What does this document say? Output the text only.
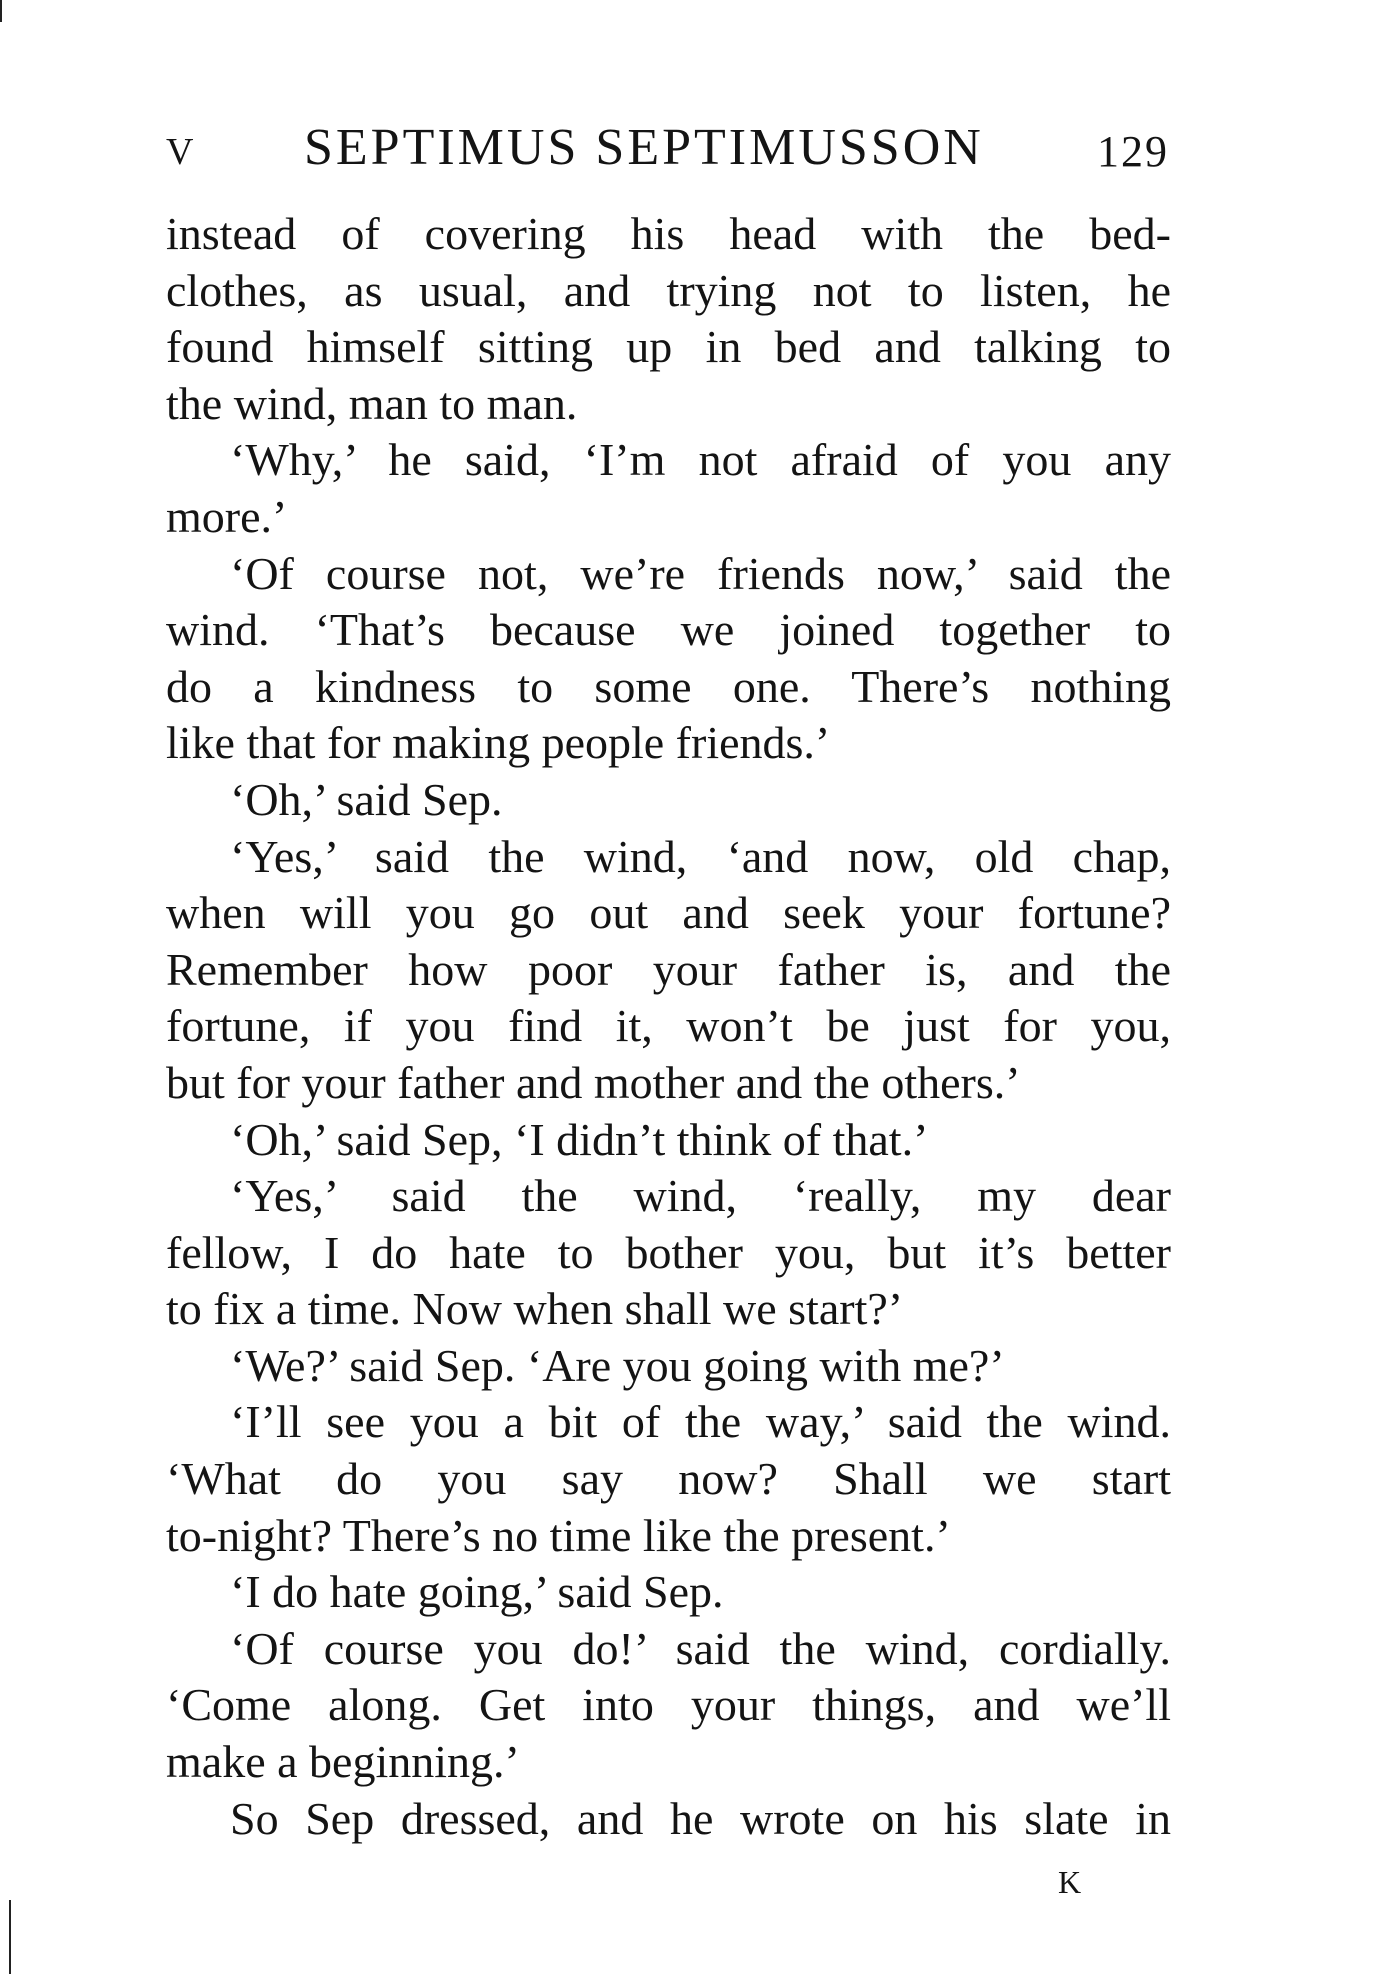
V SEPTIMUS SEPTIMUSSON	129
instead of covering his head with the bed-
clothes, as usual, and trying not to listen, he
found himself sitting up in bed and talking to
the wind, man to man.
‘Why,’ he said, ‘I’m not afraid of you any
more.’
‘Of course not, we’re friends now,’ said the
wind. ‘That’s because we joined together to
do a kindness to some one. There’s nothing
like that for making people friends.’
‘Oh,’ said Sep.
‘Yes,’ said the wind, ‘and now, old chap,
when will you go out and seek your fortune?
Remember how poor your father is, and the
fortune, if you find it, won’t be just for you,
but for your father and mother and the others.’
‘Oh,’ said Sep, ‘I didn’t think of that.’
‘Yes,’ said the wind, ‘really, my dear
fellow, I do hate to bother you, but it’s better
to fix a time. Now when shall we start?’
‘We?’ said Sep. ‘Are you going with me?’
‘I’ll see you a bit of the way,’ said the wind.
‘What do you say now? Shall we start
to-night? There’s no time like the present.’
‘I do hate going,’ said Sep.
‘Of course you do!’ said the wind, cordially.
‘Come along. Get into your things, and we’ll
make a beginning.’
So Sep dressed, and he wrote on his slate in
K
